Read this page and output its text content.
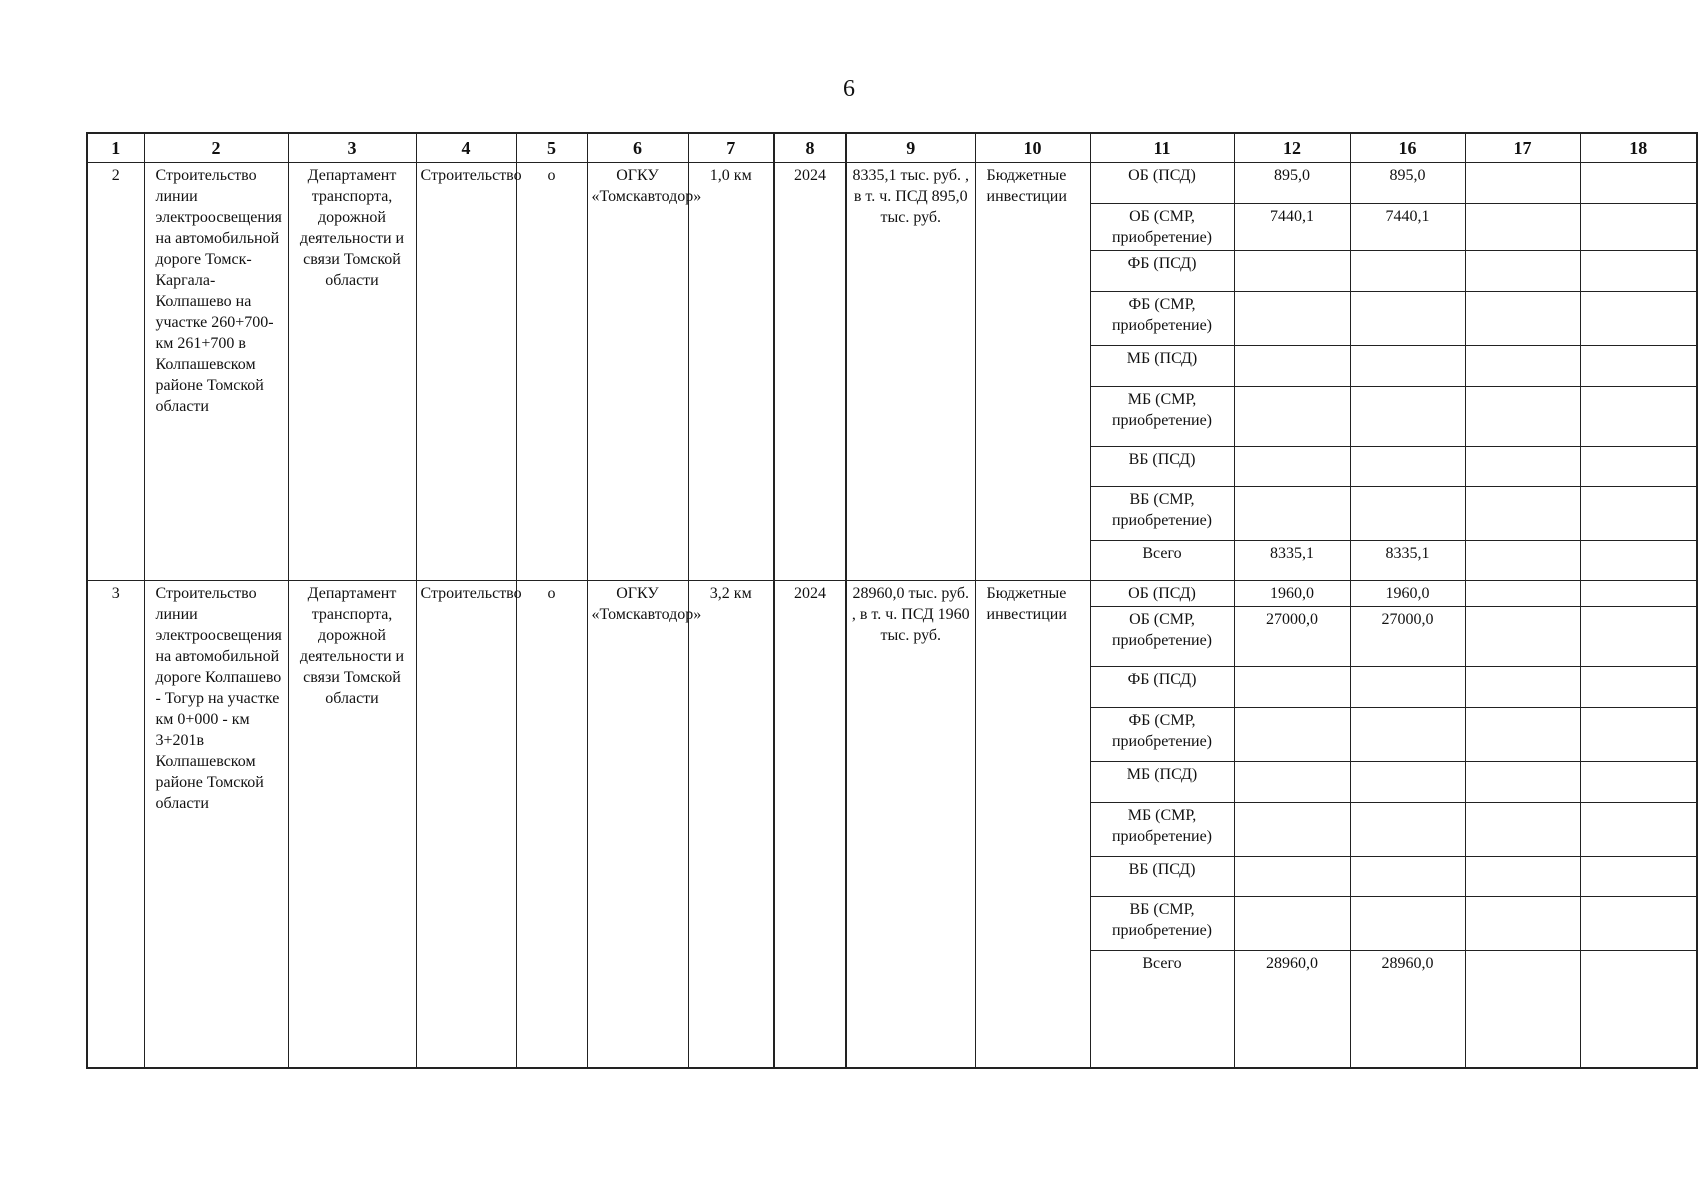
6
1	2	3	4	5	6	7	8	9	10	11	12	16	17	18
2	Строительство линии электроосвещения на автомобильной дороге Томск-Каргала-Колпашево на участке 260+700- км 261+700 в Колпашевском районе Томской области	Департамент транспорта, дорожной деятельности и связи Томской области	Строительство	о	ОГКУ «Томскавтодор»	1,0 км	2024	8335,1 тыс. руб. , в т. ч. ПСД 895,0 тыс. руб.	Бюджетные инвестиции	ОБ (ПСД)	895,0	895,0		
										ОБ (СМР, приобретение)	7440,1	7440,1		
										ФБ (ПСД)				
										ФБ (СМР, приобретение)				
										МБ (ПСД)				
										МБ (СМР, приобретение)				
										ВБ (ПСД)				
										ВБ (СМР, приобретение)				
										Всего	8335,1	8335,1		
3	Строительство линии электроосвещения на автомобильной дороге Колпашево - Тогур на участке км 0+000 - км 3+201в Колпашевском районе Томской области	Департамент транспорта, дорожной деятельности и связи Томской области	Строительство	о	ОГКУ «Томскавтодор»	3,2 км	2024	28960,0 тыс. руб. , в т. ч. ПСД 1960 тыс. руб.	Бюджетные инвестиции	ОБ (ПСД)	1960,0	1960,0		
										ОБ (СМР, приобретение)	27000,0	27000,0		
										ФБ (ПСД)				
										ФБ (СМР, приобретение)				
										МБ (ПСД)				
										МБ (СМР, приобретение)				
										ВБ (ПСД)				
										ВБ (СМР, приобретение)				
										Всего	28960,0	28960,0		
